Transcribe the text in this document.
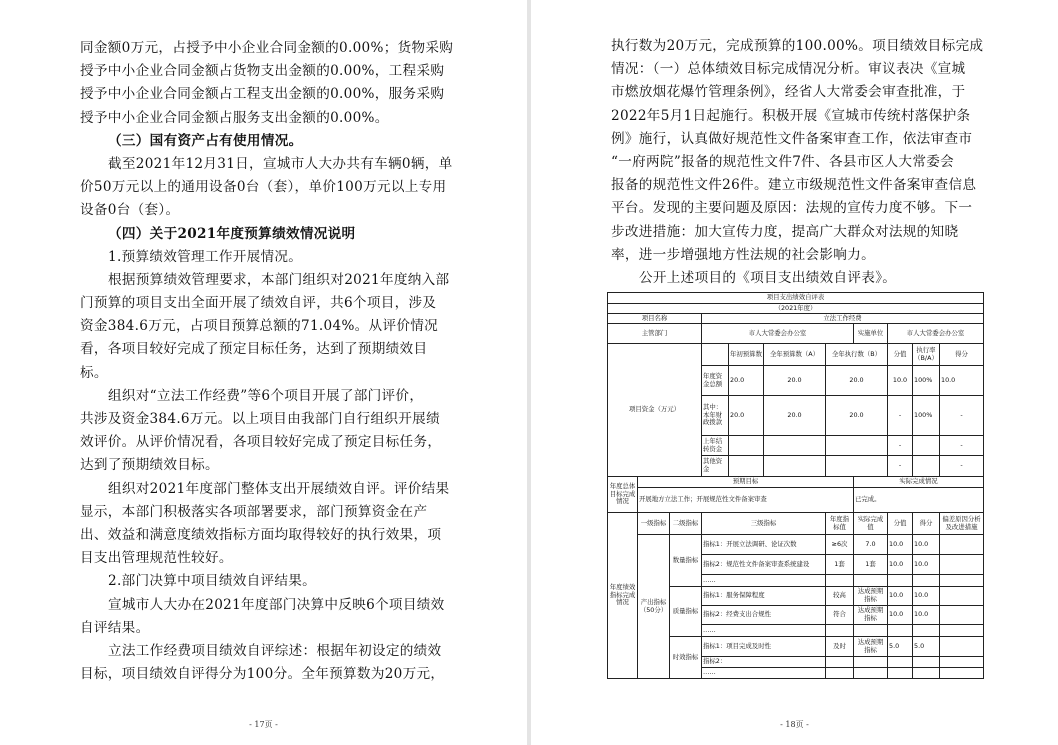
同金额0万元，占授予中小企业合同金额的0.00%；货物采购
授予中小企业合同金额占货物支出金额的0.00%，工程采购
授予中小企业合同金额占工程支出金额的0.00%，服务采购
授予中小企业合同金额占服务支出金额的0.00%。
（三）国有资产占有使用情况。
截至2021年12月31日，宣城市人大办共有车辆0辆，单
价50万元以上的通用设备0台（套），单价100万元以上专用
设备0台（套）。
（四）关于2021年度预算绩效情况说明
1.预算绩效管理工作开展情况。
根据预算绩效管理要求，本部门组织对2021年度纳入部
门预算的项目支出全面开展了绩效自评，共6个项目，涉及
资金384.6万元，占项目预算总额的71.04%。从评价情况
看，各项目较好完成了预定目标任务，达到了预期绩效目
标。
组织对“立法工作经费”等6个项目开展了部门评价，
共涉及资金384.6万元。以上项目由我部门自行组织开展绩
效评价。从评价情况看，各项目较好完成了预定目标任务，
达到了预期绩效目标。
组织对2021年度部门整体支出开展绩效自评。评价结果
显示，本部门积极落实各项部署要求，部门预算资金在产
出、效益和满意度绩效指标方面均取得较好的执行效果，项
目支出管理规范性较好。
2.部门决算中项目绩效自评结果。
宣城市人大办在2021年度部门决算中反映6个项目绩效
自评结果。
立法工作经费项目绩效自评综述：根据年初设定的绩效
目标，项目绩效自评得分为100分。全年预算数为20万元，
- 17页 -
执行数为20万元，完成预算的100.00%。项目绩效目标完成
情况：（一）总体绩效目标完成情况分析。审议表决《宣城
市燃放烟花爆竹管理条例》，经省人大常委会审查批准，于
2022年5月1日起施行。积极开展《宣城市传统村落保护条
例》施行，认真做好规范性文件备案审查工作，依法审查市
“一府两院”报备的规范性文件7件、各县市区人大常委会
报备的规范性文件26件。建立市级规范性文件备案审查信息
平台。发现的主要问题及原因：法规的宣传力度不够。下一
步改进措施：加大宣传力度，提高广大群众对法规的知晓
率，进一步增强地方性法规的社会影响力。
公开上述项目的《项目支出绩效自评表》。
项目支出绩效自评表										
（2021年度）										
项目名称			立法工作经费							
主管部门			市人大常委会办公室				实施单位	市人大常委会办公室		
项目资金（万元）				年初预算数	全年预算数（A）	全年执行数（B）		分值	执行率（B/A）	得分
			年度资金总额	20.0	20.0	20.0		10.0	100%	10.0
			其中：本年财政拨款	20.0	20.0	20.0		-	100%	-
			上年结转资金					-		-
			其他资金					-		-
年度总体目标完成情况	预期目标						实际完成情况			
	开展地方立法工作；开展规范性文件备案审查						已完成。			
年度绩效指标完成情况	一级指标	二级指标	三级指标			年度指标值	实际完成值	分值	得分	偏差原因分析及改进措施
	产出指标（50分）	数量指标	指标1：开展立法调研、论证次数			≥6次	7.0	10.0	10.0	
			指标2：规范性文件备案审查系统建设			1套	1套	10.0	10.0	
			……							
		质量指标	指标1：服务保障程度			较高	达成预期指标	10.0	10.0	
			指标2：经费支出合规性			符合	达成预期指标	10.0	10.0	
			……							
		时效指标	指标1：项目完成及时性			及时	达成预期指标	5.0	5.0	
			指标2：							
			……							
- 18页 -
